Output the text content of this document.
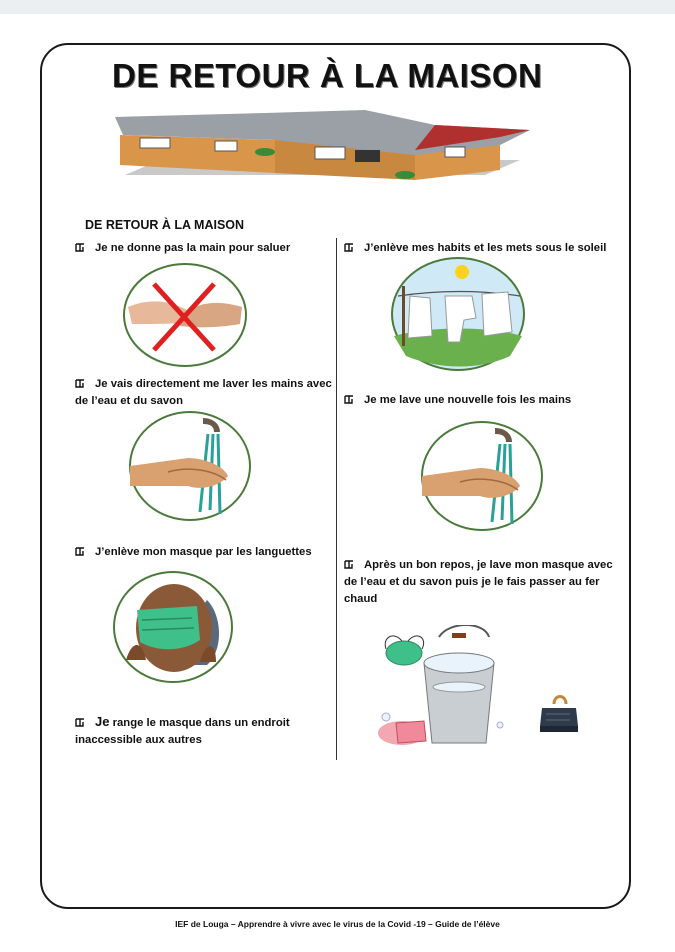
DE RETOUR À LA MAISON
DE RETOUR À LA MAISON
Je ne donne pas la main pour saluer
Je vais directement me laver les mains avec de l’eau et du savon
J’enlève mon masque par les languettes
Je range le masque dans un endroit inaccessible aux autres
J’enlève mes habits et les mets sous le soleil
Je me lave une nouvelle fois les mains
Après un bon repos, je lave mon masque avec de l’eau et du savon puis je le fais passer au fer chaud
IEF de Louga – Apprendre à vivre avec le virus de la Covid -19 – Guide de l’élève
